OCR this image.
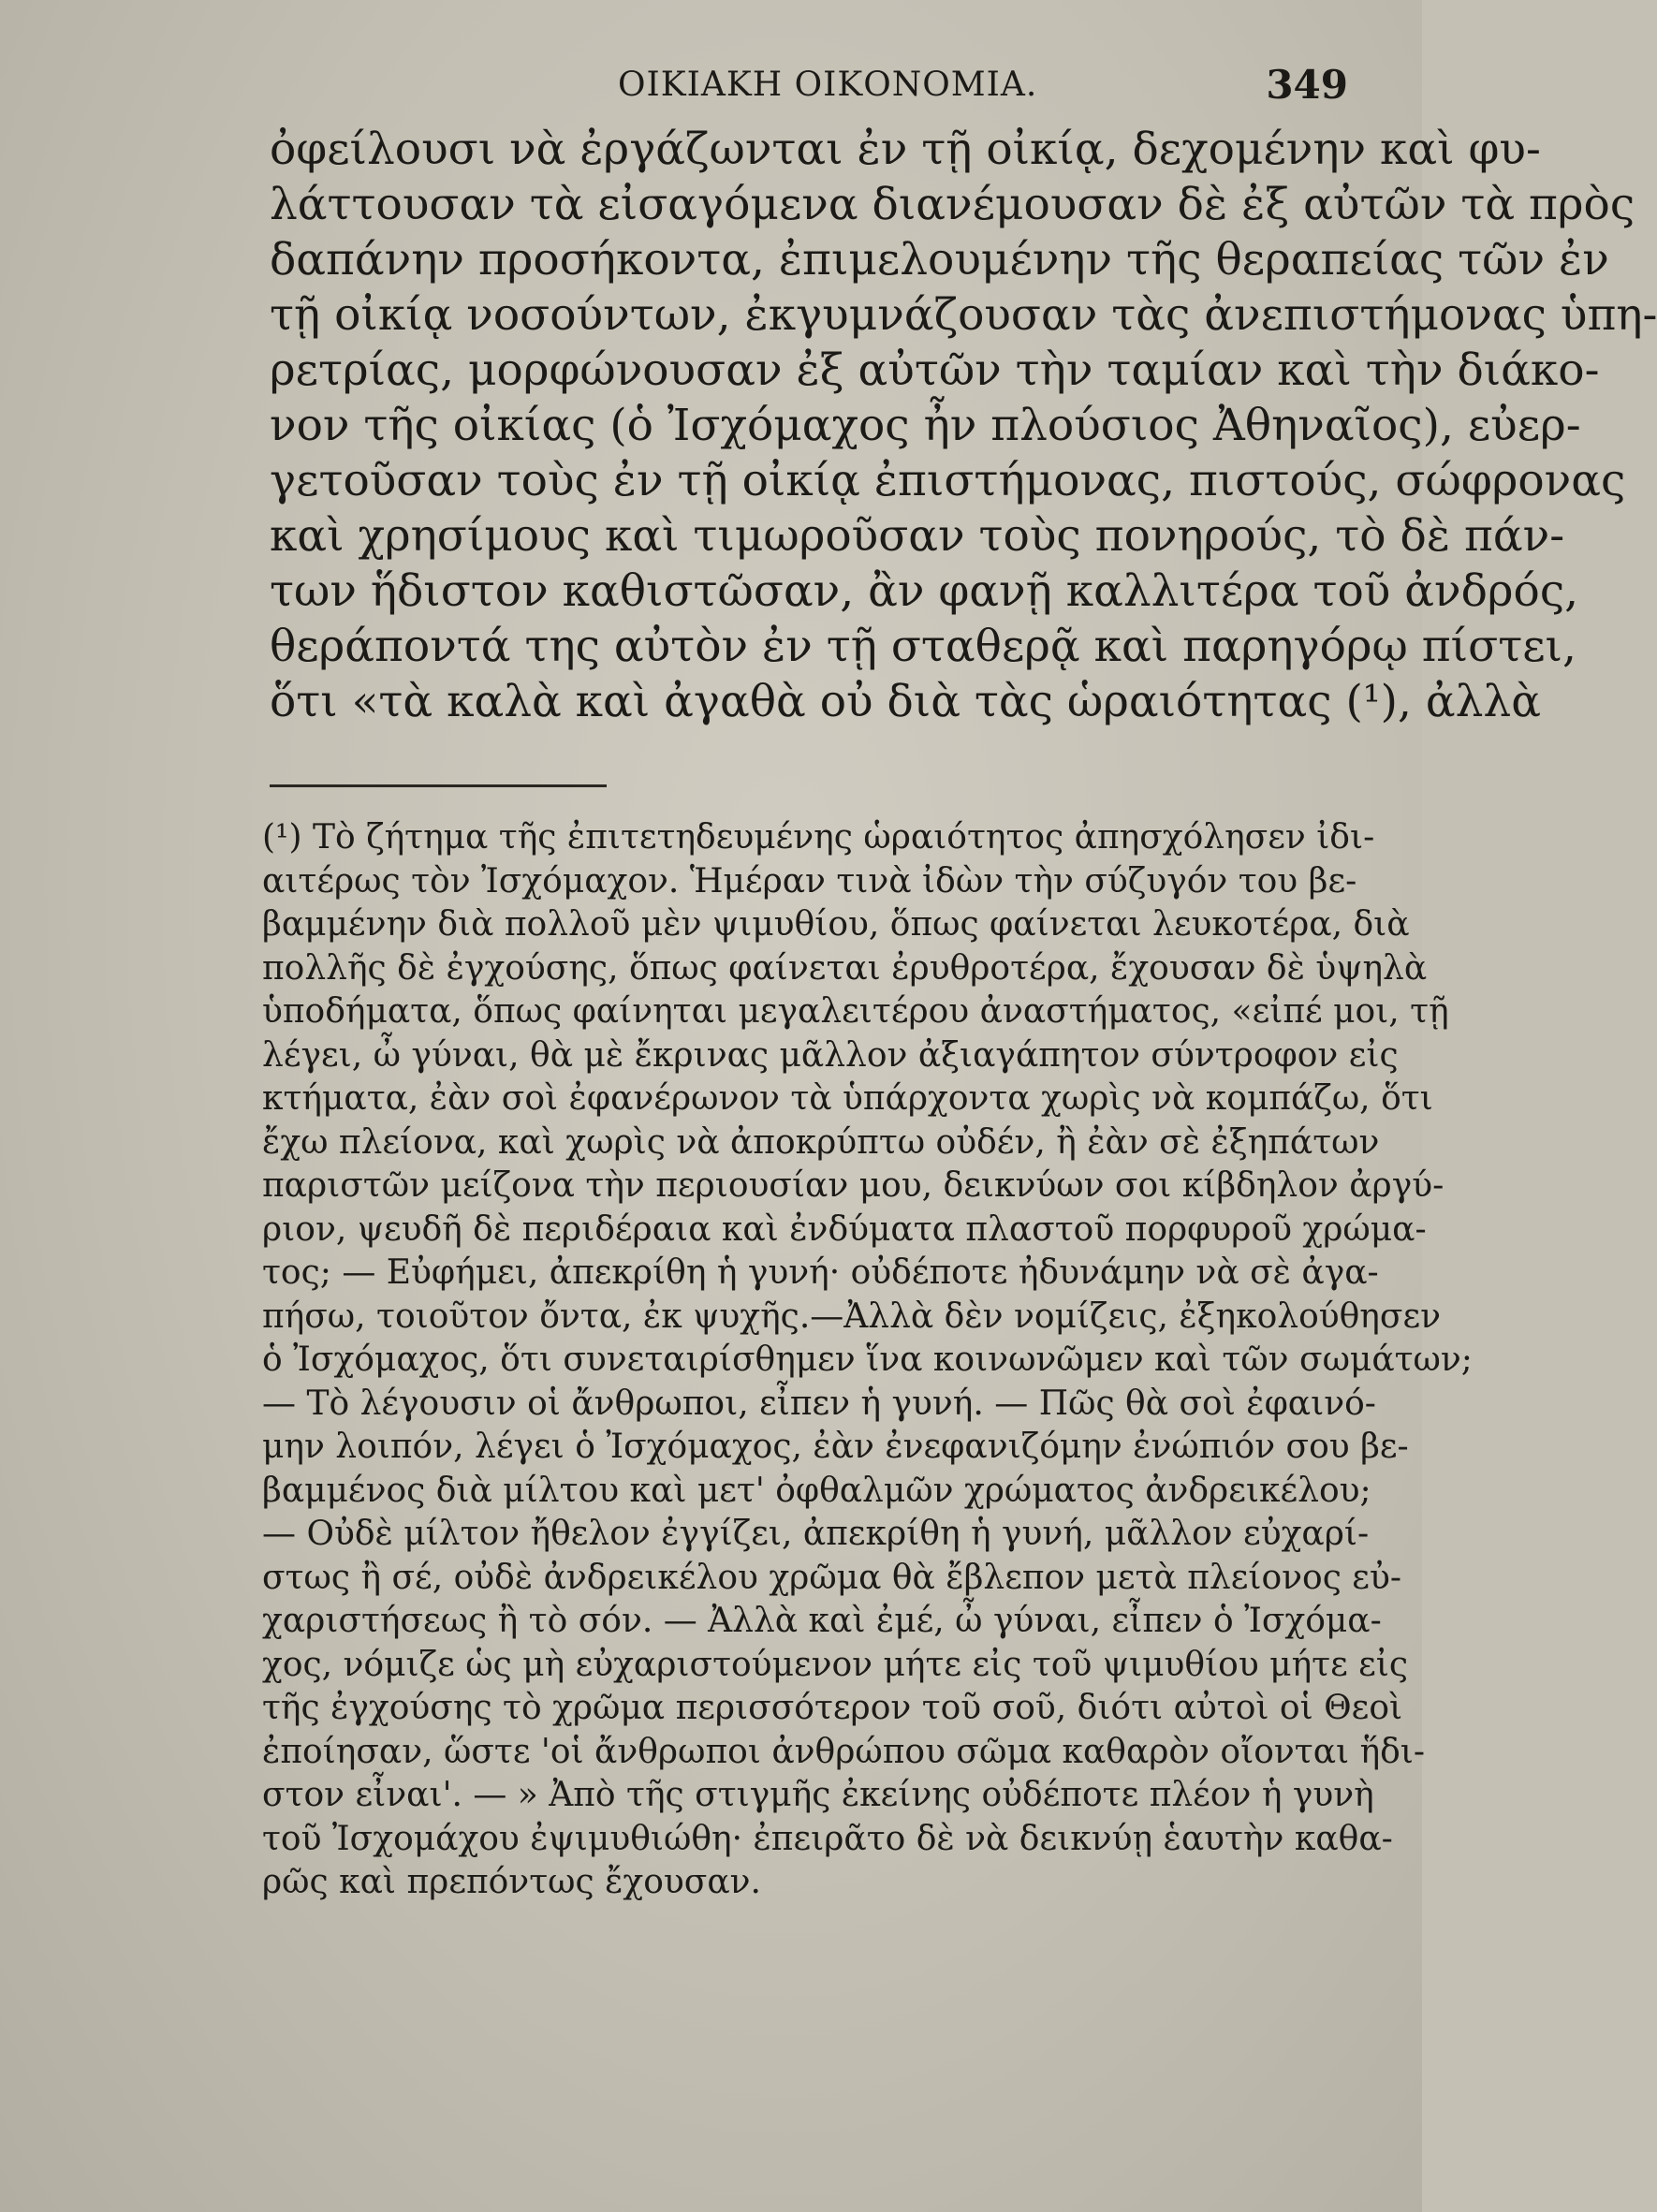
ΟΙΚΙΑΚΗ ΟΙΚΟΝΟΜΙΑ.	349
ὀφείλουσι νὰ ἐργάζωνται ἐν τῇ οἰκίᾳ, δεχομένην καὶ φυ-
λάττουσαν τὰ εἰσαγόμενα διανέμουσαν δὲ ἐξ αὐτῶν τὰ πρὸς
δαπάνην προσήκοντα, ἐπιμελουμένην τῆς θεραπείας τῶν ἐν
τῇ οἰκίᾳ νοσούντων, ἐκγυμνάζουσαν τὰς ἀνεπιστήμονας ὑπη-
ρετρίας, μορφώνουσαν ἐξ αὐτῶν τὴν ταμίαν καὶ τὴν διάκο-
νον τῆς οἰκίας (ὁ Ἰσχόμαχος ἦν πλούσιος Ἀθηναῖος), εὐερ-
γετοῦσαν τοὺς ἐν τῇ οἰκίᾳ ἐπιστήμονας, πιστούς, σώφρονας
καὶ χρησίμους καὶ τιμωροῦσαν τοὺς πονηρούς, τὸ δὲ πάν-
των ἥδιστον καθιστῶσαν, ἂν φανῇ καλλιτέρα τοῦ ἀνδρός,
θεράποντά της αὐτὸν ἐν τῇ σταθερᾷ καὶ παρηγόρῳ πίστει,
ὅτι «τὰ καλὰ καὶ ἀγαθὰ οὐ διὰ τὰς ὡραιότητας (¹), ἀλλὰ
(¹) Τὸ ζήτημα τῆς ἐπιτετηδευμένης ὡραιότητος ἀπησχόλησεν ἰδι-
αιτέρως τὸν Ἰσχόμαχον. Ἡμέραν τινὰ ἰδὼν τὴν σύζυγόν του βε-
βαμμένην διὰ πολλοῦ μὲν ψιμυθίου, ὅπως φαίνεται λευκοτέρα, διὰ
πολλῆς δὲ ἐγχούσης, ὅπως φαίνεται ἐρυθροτέρα, ἔχουσαν δὲ ὑψηλὰ
ὑποδήματα, ὅπως φαίνηται μεγαλειτέρου ἀναστήματος, «εἰπέ μοι, τῇ
λέγει, ὦ γύναι, θὰ μὲ ἔκρινας μᾶλλον ἀξιαγάπητον σύντροφον εἰς
κτήματα, ἐὰν σοὶ ἐφανέρωνον τὰ ὑπάρχοντα χωρὶς νὰ κομπάζω, ὅτι
ἔχω πλείονα, καὶ χωρὶς νὰ ἀποκρύπτω οὐδέν, ἢ ἐὰν σὲ ἐξηπάτων
παριστῶν μείζονα τὴν περιουσίαν μου, δεικνύων σοι κίβδηλον ἀργύ-
ριον, ψευδῆ δὲ περιδέραια καὶ ἐνδύματα πλαστοῦ πορφυροῦ χρώμα-
τος; — Εὐφήμει, ἀπεκρίθη ἡ γυνή· οὐδέποτε ἠδυνάμην νὰ σὲ ἀγα-
πήσω, τοιοῦτον ὄντα, ἐκ ψυχῆς.—Ἀλλὰ δὲν νομίζεις, ἐξηκολούθησεν
ὁ Ἰσχόμαχος, ὅτι συνεταιρίσθημεν ἵνα κοινωνῶμεν καὶ τῶν σωμάτων;
— Τὸ λέγουσιν οἱ ἄνθρωποι, εἶπεν ἡ γυνή. — Πῶς θὰ σοὶ ἐφαινό-
μην λοιπόν, λέγει ὁ Ἰσχόμαχος, ἐὰν ἐνεφανιζόμην ἐνώπιόν σου βε-
βαμμένος διὰ μίλτου καὶ μετ' ὀφθαλμῶν χρώματος ἀνδρεικέλου;
— Οὐδὲ μίλτον ἤθελον ἐγγίζει, ἀπεκρίθη ἡ γυνή, μᾶλλον εὐχαρί-
στως ἢ σέ, οὐδὲ ἀνδρεικέλου χρῶμα θὰ ἔβλεπον μετὰ πλείονος εὐ-
χαριστήσεως ἢ τὸ σόν. — Ἀλλὰ καὶ ἐμέ, ὦ γύναι, εἶπεν ὁ Ἰσχόμα-
χος, νόμιζε ὡς μὴ εὐχαριστούμενον μήτε εἰς τοῦ ψιμυθίου μήτε εἰς
τῆς ἐγχούσης τὸ χρῶμα περισσότερον τοῦ σοῦ, διότι αὐτοὶ οἱ Θεοὶ
ἐποίησαν, ὥστε 'οἱ ἄνθρωποι ἀνθρώπου σῶμα καθαρὸν οἴονται ἥδι-
στον εἶναι'. — » Ἀπὸ τῆς στιγμῆς ἐκείνης οὐδέποτε πλέον ἡ γυνὴ
τοῦ Ἰσχομάχου ἐψιμυθιώθη· ἐπειρᾶτο δὲ νὰ δεικνύῃ ἑαυτὴν καθα-
ρῶς καὶ πρεπόντως ἔχουσαν.
